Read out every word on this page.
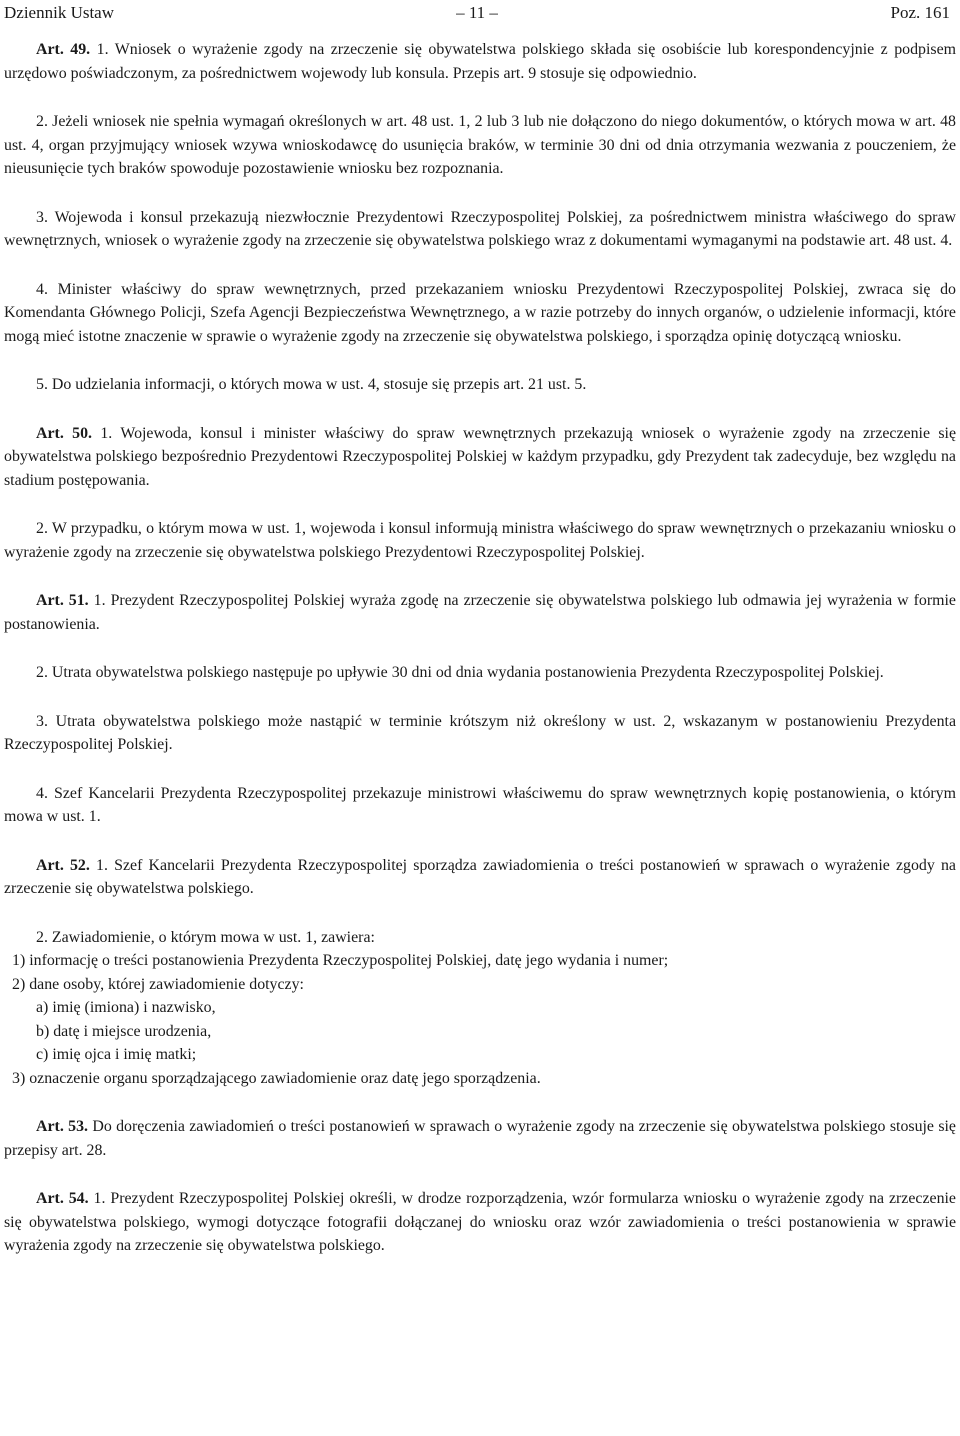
Dziennik Ustaw	– 11 –	Poz. 161

Art. 49. 1. Wniosek o wyrażenie zgody na zrzeczenie się obywatelstwa polskiego składa się osobiście lub korespondencyjnie z podpisem urzędowo poświadczonym, za pośrednictwem wojewody lub konsula. Przepis art. 9 stosuje się odpowiednio.

2. Jeżeli wniosek nie spełnia wymagań określonych w art. 48 ust. 1, 2 lub 3 lub nie dołączono do niego dokumentów, o których mowa w art. 48 ust. 4, organ przyjmujący wniosek wzywa wnioskodawcę do usunięcia braków, w terminie 30 dni od dnia otrzymania wezwania z pouczeniem, że nieusunięcie tych braków spowoduje pozostawienie wniosku bez rozpoznania.

3. Wojewoda i konsul przekazują niezwłocznie Prezydentowi Rzeczypospolitej Polskiej, za pośrednictwem ministra właściwego do spraw wewnętrznych, wniosek o wyrażenie zgody na zrzeczenie się obywatelstwa polskiego wraz z dokumentami wymaganymi na podstawie art. 48 ust. 4.

4. Minister właściwy do spraw wewnętrznych, przed przekazaniem wniosku Prezydentowi Rzeczypospolitej Polskiej, zwraca się do Komendanta Głównego Policji, Szefa Agencji Bezpieczeństwa Wewnętrznego, a w razie potrzeby do innych organów, o udzielenie informacji, które mogą mieć istotne znaczenie w sprawie o wyrażenie zgody na zrzeczenie się obywatelstwa polskiego, i sporządza opinię dotyczącą wniosku.

5. Do udzielania informacji, o których mowa w ust. 4, stosuje się przepis art. 21 ust. 5.

Art. 50. 1. Wojewoda, konsul i minister właściwy do spraw wewnętrznych przekazują wniosek o wyrażenie zgody na zrzeczenie się obywatelstwa polskiego bezpośrednio Prezydentowi Rzeczypospolitej Polskiej w każdym przypadku, gdy Prezydent tak zadecyduje, bez względu na stadium postępowania.

2. W przypadku, o którym mowa w ust. 1, wojewoda i konsul informują ministra właściwego do spraw wewnętrznych o przekazaniu wniosku o wyrażenie zgody na zrzeczenie się obywatelstwa polskiego Prezydentowi Rzeczypospolitej Polskiej.

Art. 51. 1. Prezydent Rzeczypospolitej Polskiej wyraża zgodę na zrzeczenie się obywatelstwa polskiego lub odmawia jej wyrażenia w formie postanowienia.

2. Utrata obywatelstwa polskiego następuje po upływie 30 dni od dnia wydania postanowienia Prezydenta Rzeczypospolitej Polskiej.

3. Utrata obywatelstwa polskiego może nastąpić w terminie krótszym niż określony w ust. 2, wskazanym w postanowieniu Prezydenta Rzeczypospolitej Polskiej.

4. Szef Kancelarii Prezydenta Rzeczypospolitej przekazuje ministrowi właściwemu do spraw wewnętrznych kopię postanowienia, o którym mowa w ust. 1.

Art. 52. 1. Szef Kancelarii Prezydenta Rzeczypospolitej sporządza zawiadomienia o treści postanowień w sprawach o wyrażenie zgody na zrzeczenie się obywatelstwa polskiego.

2. Zawiadomienie, o którym mowa w ust. 1, zawiera:

1) informację o treści postanowienia Prezydenta Rzeczypospolitej Polskiej, datę jego wydania i numer;

2) dane osoby, której zawiadomienie dotyczy:

a) imię (imiona) i nazwisko,

b) datę i miejsce urodzenia,

c) imię ojca i imię matki;

3) oznaczenie organu sporządzającego zawiadomienie oraz datę jego sporządzenia.

Art. 53. Do doręczenia zawiadomień o treści postanowień w sprawach o wyrażenie zgody na zrzeczenie się obywatelstwa polskiego stosuje się przepisy art. 28.

Art. 54. 1. Prezydent Rzeczypospolitej Polskiej określi, w drodze rozporządzenia, wzór formularza wniosku o wyrażenie zgody na zrzeczenie się obywatelstwa polskiego, wymogi dotyczące fotografii dołączanej do wniosku oraz wzór zawiadomienia o treści postanowienia w sprawie wyrażenia zgody na zrzeczenie się obywatelstwa polskiego.
